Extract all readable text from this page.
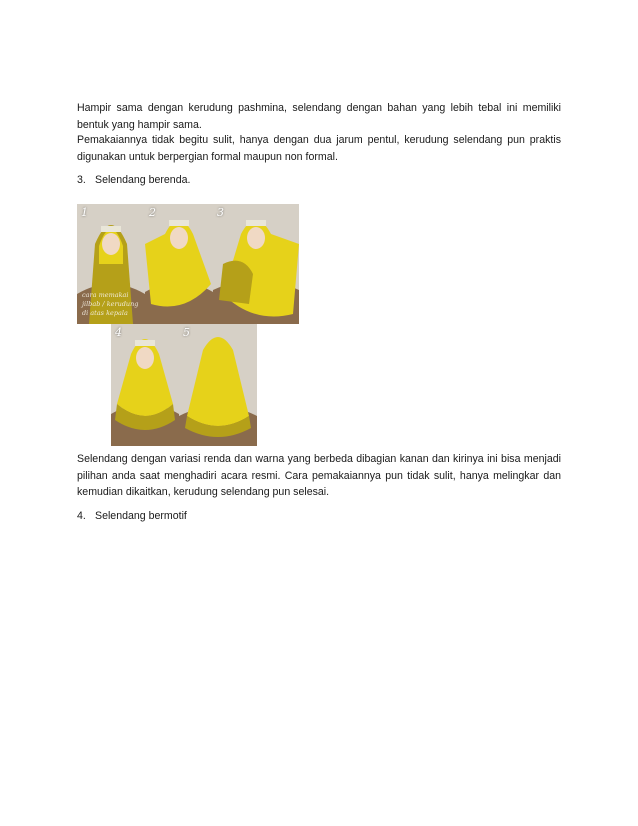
Hampir sama dengan kerudung pashmina, selendang dengan bahan yang lebih tebal ini memiliki bentuk yang hampir sama.

Pemakaiannya tidak begitu sulit, hanya dengan dua jarum pentul, kerudung selendang pun praktis digunakan untuk berpergian formal maupun non formal.

3. Selendang berenda.
1
cara memakai
jilbab / kerudung
di atas kepala
2	3
4	5

Selendang dengan variasi renda dan warna yang berbeda dibagian kanan dan kirinya ini bisa menjadi pilihan anda saat menghadiri acara resmi. Cara pemakaiannya pun tidak sulit, hanya melingkar dan kemudian dikaitkan, kerudung selendang pun selesai.

4. Selendang bermotif
